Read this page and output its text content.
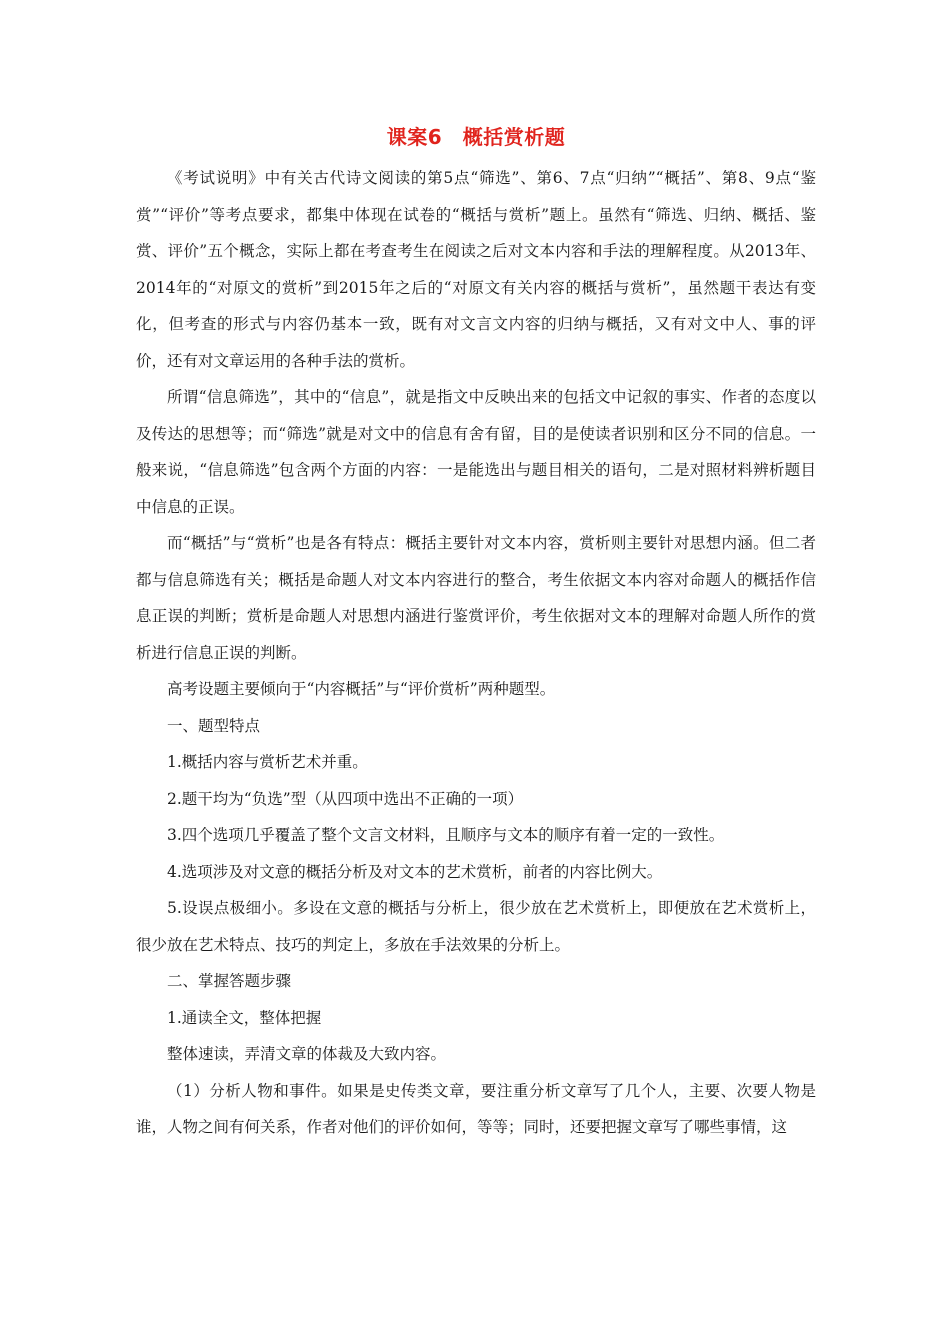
课案6　概括赏析题

《考试说明》中有关古代诗文阅读的第5点“筛选”、第6、7点“归纳”“概括”、第8、9点“鉴赏”“评价”等考点要求，都集中体现在试卷的“概括与赏析”题上。虽然有“筛选、归纳、概括、鉴赏、评价”五个概念，实际上都在考查考生在阅读之后对文本内容和手法的理解程度。从2013年、2014年的“对原文的赏析”到2015年之后的“对原文有关内容的概括与赏析”，虽然题干表达有变化，但考查的形式与内容仍基本一致，既有对文言文内容的归纳与概括，又有对文中人、事的评价，还有对文章运用的各种手法的赏析。

所谓“信息筛选”，其中的“信息”，就是指文中反映出来的包括文中记叙的事实、作者的态度以及传达的思想等；而“筛选”就是对文中的信息有舍有留，目的是使读者识别和区分不同的信息。一般来说，“信息筛选”包含两个方面的内容：一是能选出与题目相关的语句，二是对照材料辨析题目中信息的正误。

而“概括”与“赏析”也是各有特点：概括主要针对文本内容，赏析则主要针对思想内涵。但二者都与信息筛选有关；概括是命题人对文本内容进行的整合，考生依据文本内容对命题人的概括作信息正误的判断；赏析是命题人对思想内涵进行鉴赏评价，考生依据对文本的理解对命题人所作的赏析进行信息正误的判断。

高考设题主要倾向于“内容概括”与“评价赏析”两种题型。

一、题型特点

1.概括内容与赏析艺术并重。

2.题干均为“负选”型（从四项中选出不正确的一项）

3.四个选项几乎覆盖了整个文言文材料，且顺序与文本的顺序有着一定的一致性。

4.选项涉及对文意的概括分析及对文本的艺术赏析，前者的内容比例大。

5.设误点极细小。多设在文意的概括与分析上，很少放在艺术赏析上，即便放在艺术赏析上，很少放在艺术特点、技巧的判定上，多放在手法效果的分析上。

二、掌握答题步骤

1.通读全文，整体把握

整体速读，弄清文章的体裁及大致内容。

（1）分析人物和事件。如果是史传类文章，要注重分析文章写了几个人，主要、次要人物是谁，人物之间有何关系，作者对他们的评价如何，等等；同时，还要把握文章写了哪些事情，这
